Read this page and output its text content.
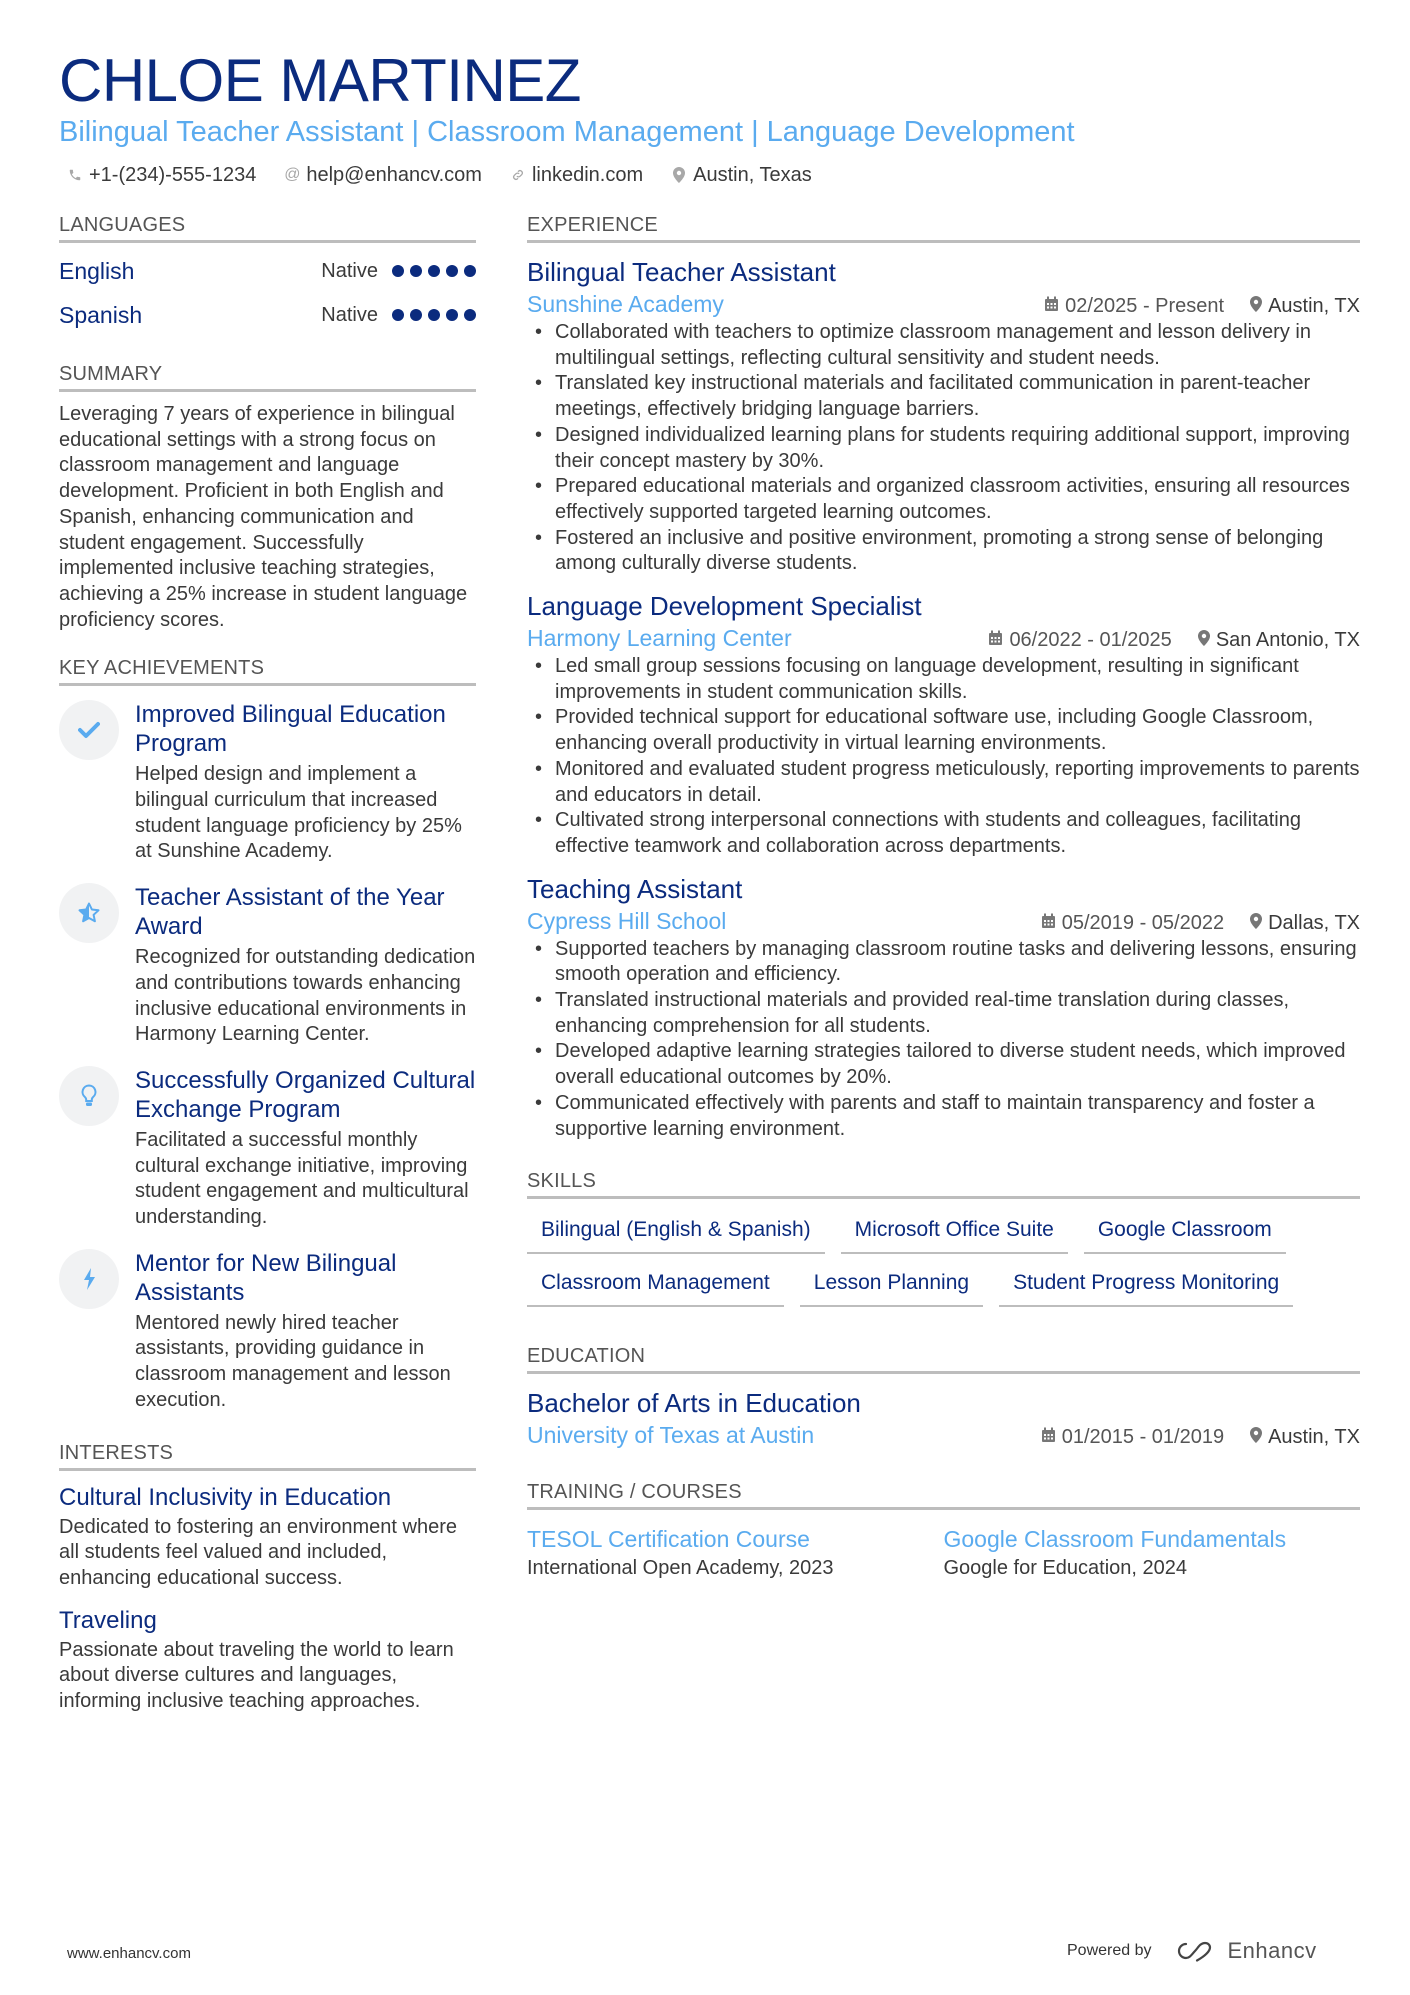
CHLOE MARTINEZ
Bilingual Teacher Assistant | Classroom Management | Language Development
+1-(234)-555-1234 @ help@enhancv.com	linkedin.com	Austin, Texas
LANGUAGES
English	Native
Spanish	Native
SUMMARY
Leveraging 7 years of experience in bilingual educational settings with a strong focus on classroom management and language development. Proficient in both English and Spanish, enhancing communication and student engagement. Successfully implemented inclusive teaching strategies, achieving a 25% increase in student language proficiency scores.
KEY ACHIEVEMENTS
Improved Bilingual Education Program
Helped design and implement a bilingual curriculum that increased student language proficiency by 25% at Sunshine Academy.
Teacher Assistant of the Year Award
Recognized for outstanding dedication and contributions towards enhancing inclusive educational environments in Harmony Learning Center.
Successfully Organized Cultural Exchange Program
Facilitated a successful monthly cultural exchange initiative, improving student engagement and multicultural understanding.
Mentor for New Bilingual Assistants
Mentored newly hired teacher assistants, providing guidance in classroom management and lesson execution.
INTERESTS
Cultural Inclusivity in Education
Dedicated to fostering an environment where all students feel valued and included, enhancing educational success.
Traveling
Passionate about traveling the world to learn about diverse cultures and languages, informing inclusive teaching approaches.
EXPERIENCE
Bilingual Teacher Assistant
Sunshine Academy	02/2025 - Present Austin, TX
• Collaborated with teachers to optimize classroom management and lesson delivery in multilingual settings, reflecting cultural sensitivity and student needs.
• Translated key instructional materials and facilitated communication in parent-teacher meetings, effectively bridging language barriers.
• Designed individualized learning plans for students requiring additional support, improving their concept mastery by 30%.
• Prepared educational materials and organized classroom activities, ensuring all resources effectively supported targeted learning outcomes.
• Fostered an inclusive and positive environment, promoting a strong sense of belonging among culturally diverse students.
Language Development Specialist
Harmony Learning Center	06/2022 - 01/2025 San Antonio, TX
• Led small group sessions focusing on language development, resulting in significant improvements in student communication skills.
• Provided technical support for educational software use, including Google Classroom, enhancing overall productivity in virtual learning environments.
• Monitored and evaluated student progress meticulously, reporting improvements to parents and educators in detail.
• Cultivated strong interpersonal connections with students and colleagues, facilitating effective teamwork and collaboration across departments.
Teaching Assistant
Cypress Hill School	05/2019 - 05/2022 Dallas, TX
• Supported teachers by managing classroom routine tasks and delivering lessons, ensuring smooth operation and efficiency.
• Translated instructional materials and provided real-time translation during classes, enhancing comprehension for all students.
• Developed adaptive learning strategies tailored to diverse student needs, which improved overall educational outcomes by 20%.
• Communicated effectively with parents and staff to maintain transparency and foster a supportive learning environment.
SKILLS
Bilingual (English & Spanish)	Microsoft Office Suite	Google Classroom
Classroom Management	Lesson Planning	Student Progress Monitoring
EDUCATION
Bachelor of Arts in Education
University of Texas at Austin	01/2015 - 01/2019 Austin, TX
TRAINING / COURSES
TESOL Certification Course
International Open Academy, 2023
Google Classroom Fundamentals
Google for Education, 2024
www.enhancv.com	Powered by	Enhancv
